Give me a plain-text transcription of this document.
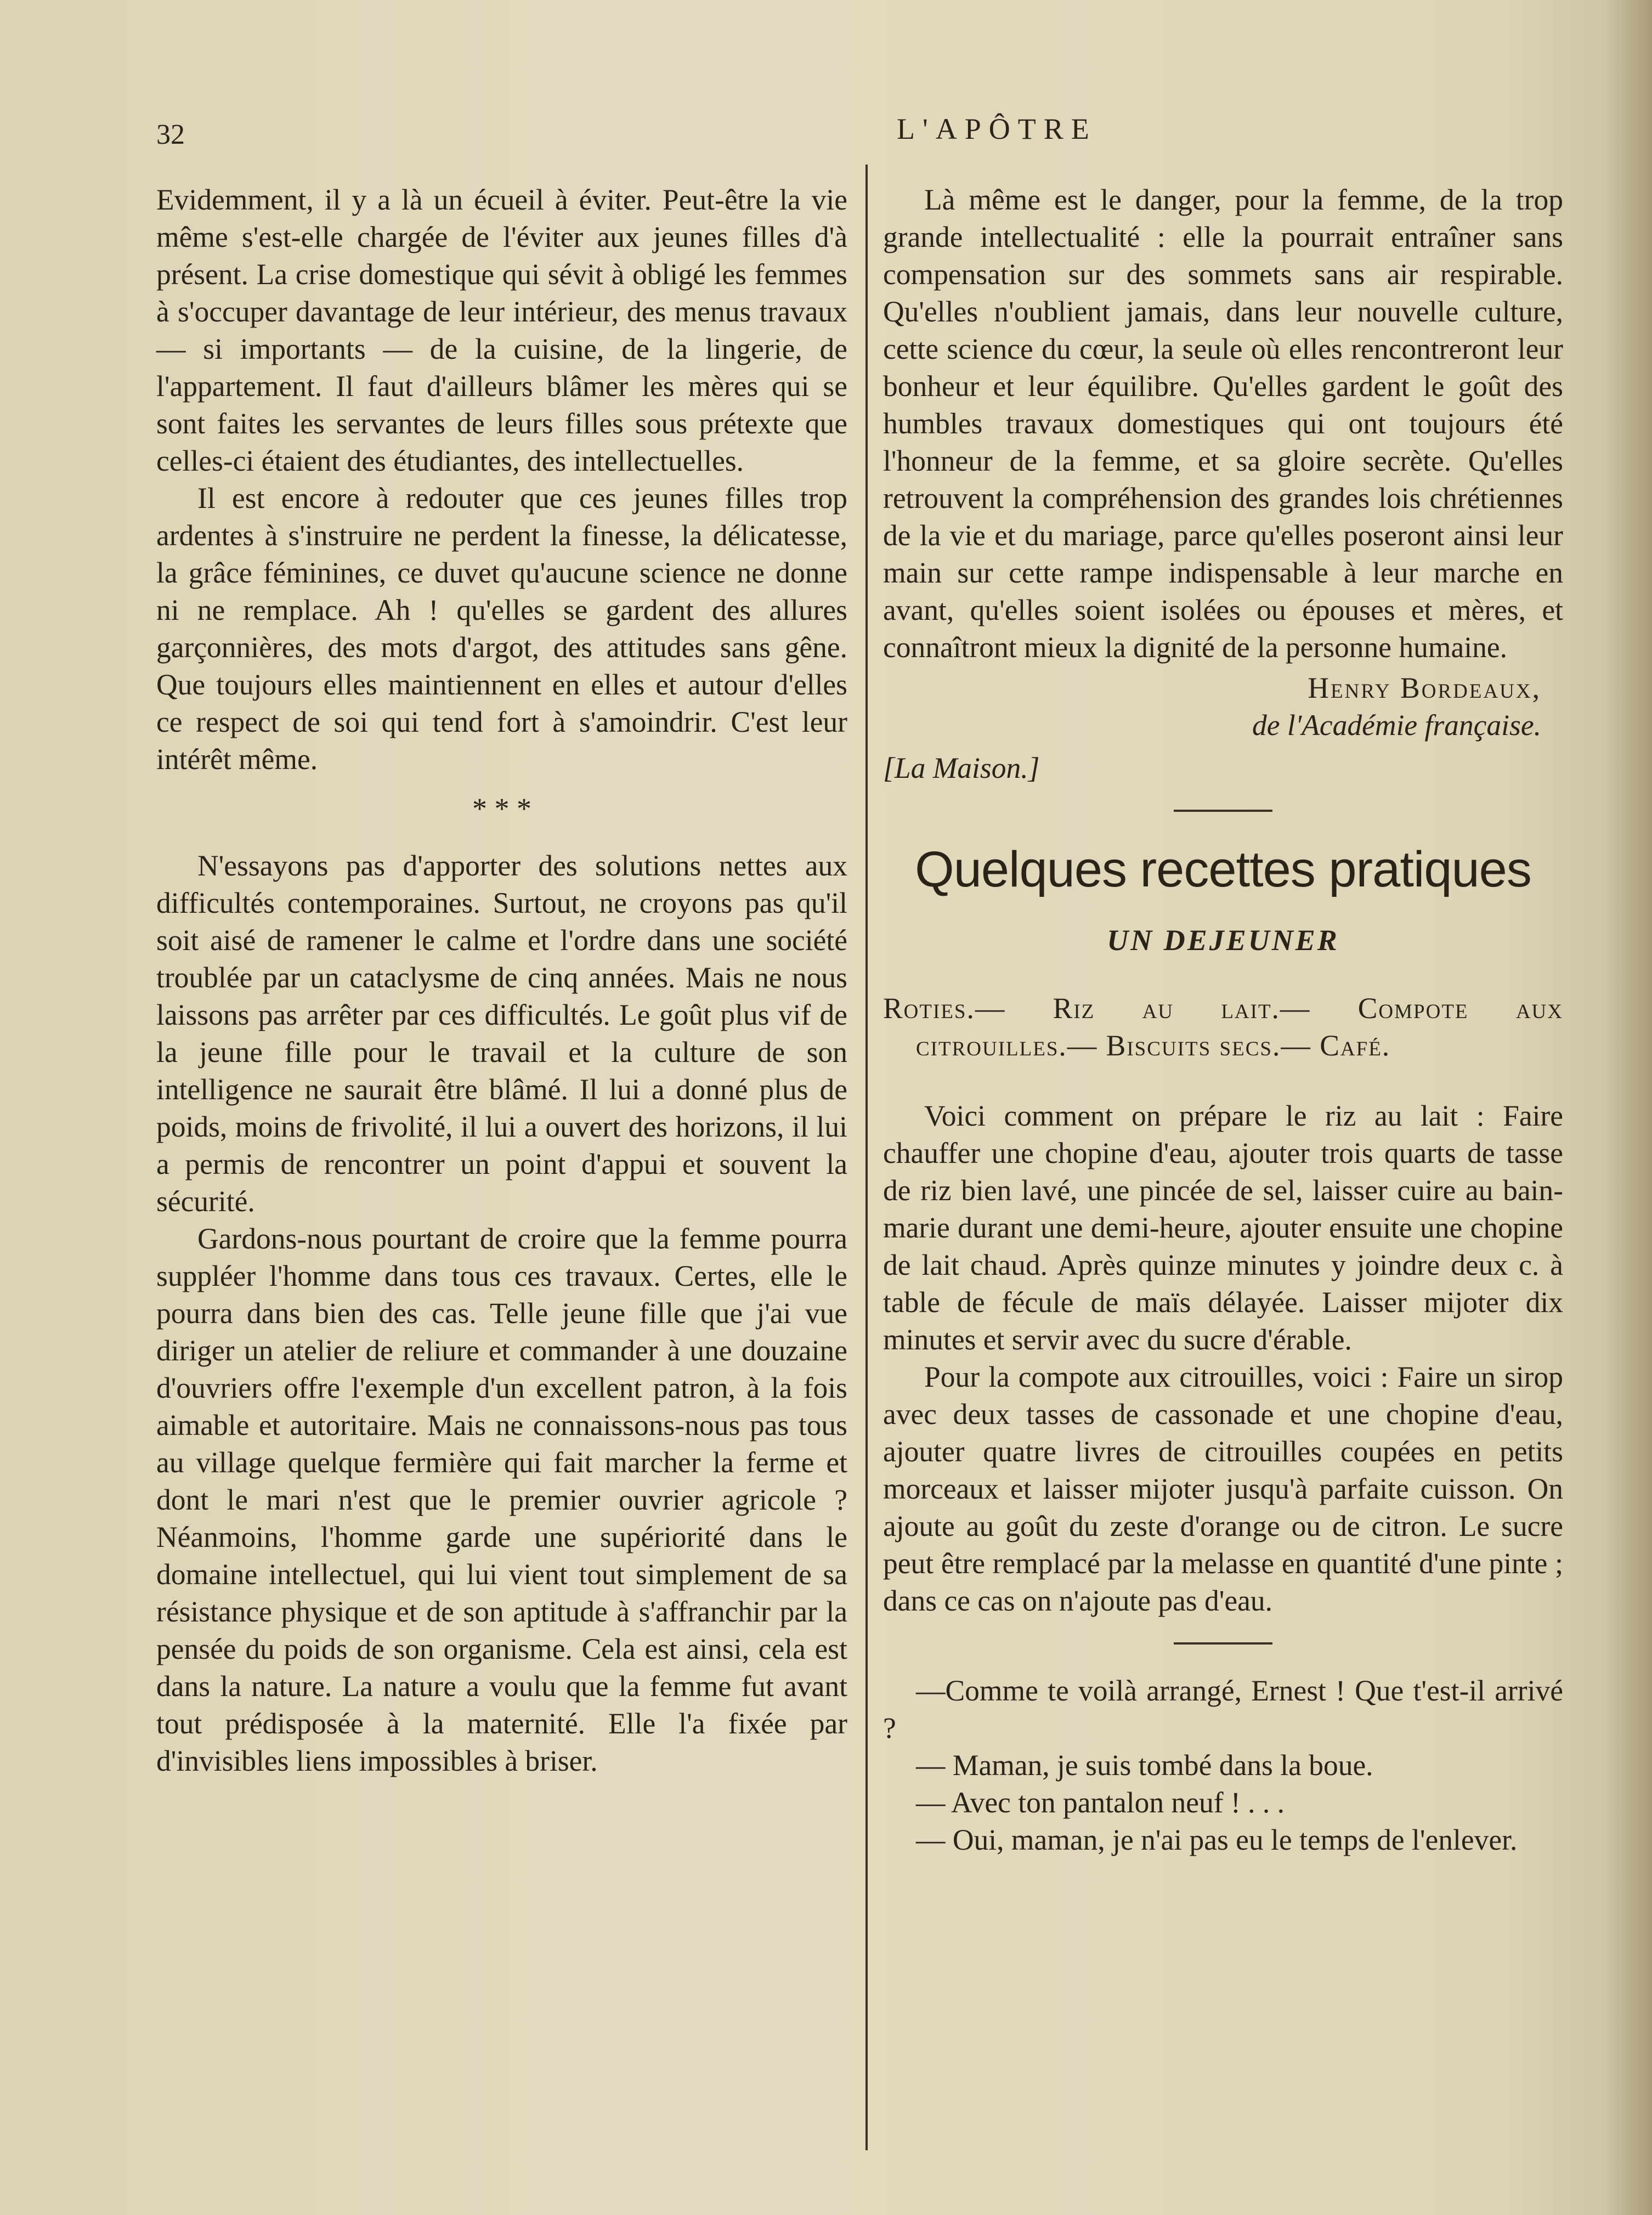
32	L'APÔTRE

Evidemment, il y a là un écueil à éviter. Peut-être la vie même s'est-elle chargée de l'éviter aux jeunes filles d'à présent. La crise domestique qui sévit à obligé les femmes à s'occuper davantage de leur intérieur, des menus travaux — si importants — de la cuisine, de la lingerie, de l'appartement. Il faut d'ailleurs blâmer les mères qui se sont faites les servantes de leurs filles sous prétexte que celles-ci étaient des étudiantes, des intellectuelles.

Il est encore à redouter que ces jeunes filles trop ardentes à s'instruire ne perdent la finesse, la délicatesse, la grâce féminines, ce duvet qu'aucune science ne donne ni ne remplace. Ah ! qu'elles se gardent des allures garçonnières, des mots d'argot, des attitudes sans gêne. Que toujours elles maintiennent en elles et autour d'elles ce respect de soi qui tend fort à s'amoindrir. C'est leur intérêt même.

* * *

N'essayons pas d'apporter des solutions nettes aux difficultés contemporaines. Surtout, ne croyons pas qu'il soit aisé de ramener le calme et l'ordre dans une société troublée par un cataclysme de cinq années. Mais ne nous laissons pas arrêter par ces difficultés. Le goût plus vif de la jeune fille pour le travail et la culture de son intelligence ne saurait être blâmé. Il lui a donné plus de poids, moins de frivolité, il lui a ouvert des horizons, il lui a permis de rencontrer un point d'appui et souvent la sécurité.

Gardons-nous pourtant de croire que la femme pourra suppléer l'homme dans tous ces travaux. Certes, elle le pourra dans bien des cas. Telle jeune fille que j'ai vue diriger un atelier de reliure et commander à une douzaine d'ouvriers offre l'exemple d'un excellent patron, à la fois aimable et autoritaire. Mais ne connaissons-nous pas tous au village quelque fermière qui fait marcher la ferme et dont le mari n'est que le premier ouvrier agricole ? Néanmoins, l'homme garde une supériorité dans le domaine intellectuel, qui lui vient tout simplement de sa résistance physique et de son aptitude à s'affranchir par la pensée du poids de son organisme. Cela est ainsi, cela est dans la nature. La nature a voulu que la femme fut avant tout prédisposée à la maternité. Elle l'a fixée par d'invisibles liens impossibles à briser.

Là même est le danger, pour la femme, de la trop grande intellectualité : elle la pourrait entraîner sans compensation sur des sommets sans air respirable. Qu'elles n'oublient jamais, dans leur nouvelle culture, cette science du cœur, la seule où elles rencontreront leur bonheur et leur équilibre. Qu'elles gardent le goût des humbles travaux domestiques qui ont toujours été l'honneur de la femme, et sa gloire secrète. Qu'elles retrouvent la compréhension des grandes lois chrétiennes de la vie et du mariage, parce qu'elles poseront ainsi leur main sur cette rampe indispensable à leur marche en avant, qu'elles soient isolées ou épouses et mères, et connaîtront mieux la dignité de la personne humaine.

Henry Bordeaux,
de l'Académie française.
[La Maison.]
Quelques recettes pratiques
UN DEJEUNER

Roties.— Riz au lait.— Compote aux

citrouilles.— Biscuits secs.— Café.

Voici comment on prépare le riz au lait : Faire chauffer une chopine d'eau, ajouter trois quarts de tasse de riz bien lavé, une pincée de sel, laisser cuire au bain-marie durant une demi-heure, ajouter ensuite une chopine de lait chaud. Après quinze minutes y joindre deux c. à table de fécule de maïs délayée. Laisser mijoter dix minutes et servir avec du sucre d'érable.

Pour la compote aux citrouilles, voici : Faire un sirop avec deux tasses de cassonade et une chopine d'eau, ajouter quatre livres de citrouilles coupées en petits morceaux et laisser mijoter jusqu'à parfaite cuisson. On ajoute au goût du zeste d'orange ou de citron. Le sucre peut être remplacé par la melasse en quantité d'une pinte ; dans ce cas on n'ajoute pas d'eau.

—Comme te voilà arrangé, Ernest ! Que t'est-il arrivé ?

— Maman, je suis tombé dans la boue.

— Avec ton pantalon neuf ! . . .

— Oui, maman, je n'ai pas eu le temps de l'enlever.
